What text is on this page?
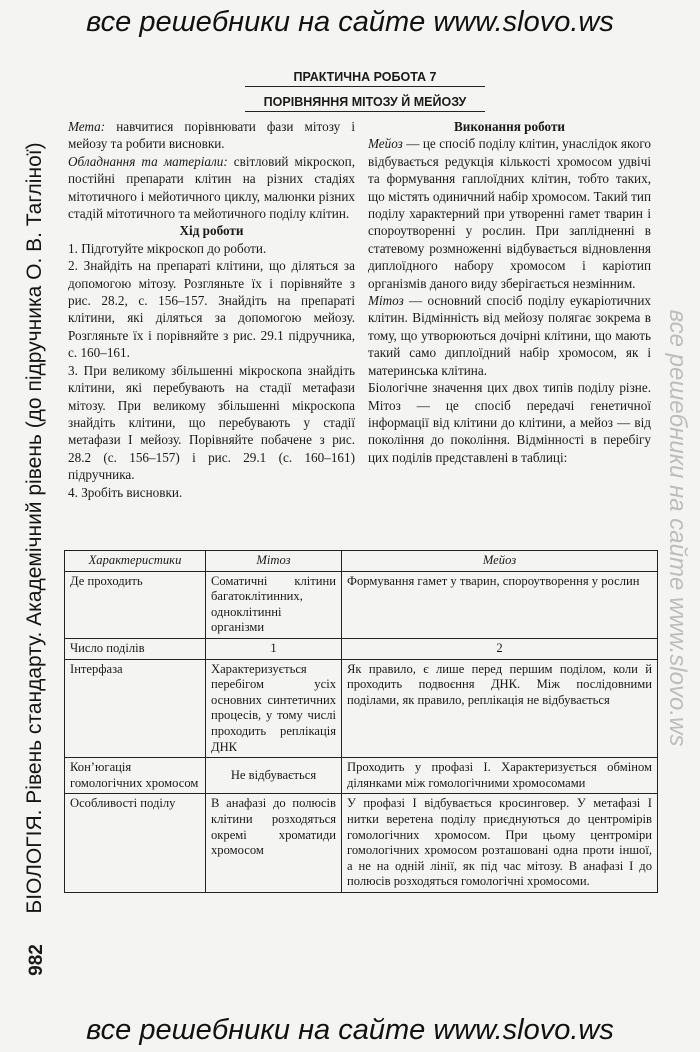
все решебники на сайте www.slovo.ws
БІОЛОГІЯ. Рівень стандарту. Академічний рівень (до підручника О. В. Тагліної)
982
все решебники на сайте www.slovo.ws
ПРАКТИЧНА РОБОТА 7
ПОРІВНЯННЯ МІТОЗУ Й МЕЙОЗУ

Мета: навчитися порівнювати фази мітозу і мейозу та робити висновки.

Обладнання та матеріали: світловий мікроскоп, постійні препарати клітин на різних стадіях мітотичного і мейотичного циклу, малюнки різних стадій мітотичного та мейотичного поділу клітин.

Хід роботи

1. Підготуйте мікроскоп до роботи.

2. Знайдіть на препараті клітини, що діляться за допомогою мітозу. Розгляньте їх і порівняйте з рис. 28.2, с. 156–157. Знайдіть на препараті клітини, які діляться за допомогою мейозу. Розгляньте їх і порівняйте з рис. 29.1 підручника, с. 160–161.

3. При великому збільшенні мікроскопа знайдіть клітини, які перебувають на стадії метафази мітозу. При великому збільшенні мікроскопа знайдіть клітини, що перебувають у стадії метафази І мейозу. Порівняйте побачене з рис. 28.2 (с. 156–157) і рис. 29.1 (с. 160–161) підручника.

4. Зробіть висновки.

Виконання роботи

Мейоз — це спосіб поділу клітин, унаслідок якого відбувається редукція кількості хромосом удвічі та формування гаплоїдних клітин, тобто таких, що містять одиничний набір хромосом. Такий тип поділу характерний при утворенні гамет тварин і спороутворенні у рослин. При заплідненні в статевому розмноженні відбувається відновлення диплоїдного набору хромосом і каріотип організмів даного виду зберігається незмінним.

Мітоз — основний спосіб поділу еукаріотичних клітин. Відмінність від мейозу полягає зокрема в тому, що утворюються дочірні клітини, що мають такий само диплоїдний набір хромосом, як і материнська клітина.

Біологічне значення цих двох типів поділу різне. Мітоз — це спосіб передачі генетичної інформації від клітини до клітини, а мейоз — від покоління до покоління. Відмінності в перебігу цих поділів представлені в таблиці:

Характеристики	Мітоз	Мейоз
Де проходить	Соматичні клітини багатоклітинних, одноклітинні організми	Формування гамет у тварин, спороутворення у рослин
Число поділів	1	2
Інтерфаза	Характеризується перебігом усіх основних синтетичних процесів, у тому числі проходить реплікація ДНК	Як правило, є лише перед першим поділом, коли й проходить подвоєння ДНК. Між послідовними поділами, як правило, реплікація не відбувається
Кон’югація гомологічних хромосом	Не відбувається	Проходить у профазі І. Характеризується обміном ділянками між гомологічними хромосомами
Особливості поділу	В анафазі до полюсів клітини розходяться окремі хроматиди хромосом	У профазі І відбувається кросинговер. У метафазі І нитки веретена поділу приєднуються до центромірів гомологічних хромосом. При цьому центроміри гомологічних хромосом розташовані одна проти іншої, а не на одній лінії, як під час мітозу. В анафазі І до полюсів розходяться гомологічні хромосоми.
все решебники на сайте www.slovo.ws
